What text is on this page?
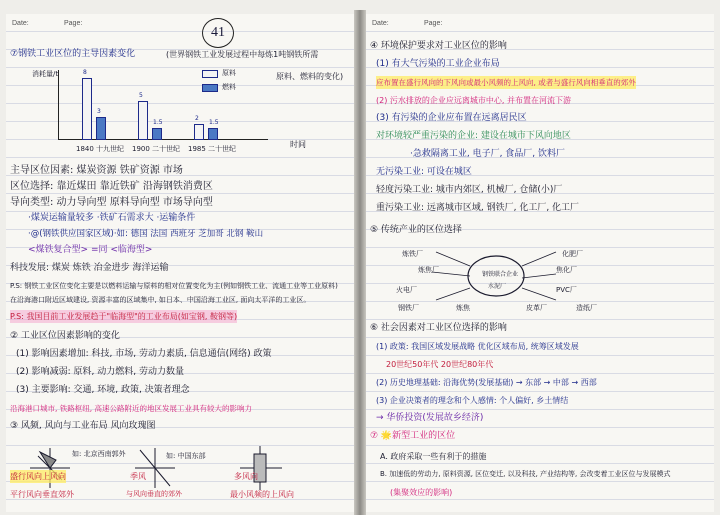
Date:	Page:
41
⑦钢铁工业区位的主导因素变化	(世界钢铁工业发展过程中每炼1吨钢铁所需
原料、燃料的变化)
8
3
5
1.5
2
1.5
消耗量/t
时间
1840 十九世纪 1900 二十世纪 1985 二十世纪
原料
燃料
主导区位因素: 煤炭资源 铁矿资源 市场
区位选择: 靠近煤田 靠近铁矿 沿海钢铁消费区
导向类型: 动力导向型 原料导向型 市场导向型
·煤炭运输量较多 ·铁矿石需求大 ·运输条件
·@(钢铁供应国家区域)·如: 德国 法国 西班牙 芝加哥 北钢 鞍山
<煤铁复合型> =同 <临海型>
科技发展: 煤炭 炼铁 冶金进步 海洋运输
P.S: 钢铁工业区位变化主要是以燃料运输与原料的相对位置变化为主(例如钢铁工业、流通工业等工业原料)
在沿海港口附近区域建设, 资源丰富的区域集中, 如日本、中国沿海工业区, 面向太平洋的工业区。
P.S: 我国目前工业发展趋于"临海型"的工业布局(如宝钢, 鞍钢等)
② 工业区位因素影响的变化
(1) 影响因素增加: 科技, 市场, 劳动力素质, 信息通信(网络) 政策
(2) 影响减弱: 原料, 动力燃料, 劳动力数量
(3) 主要影响: 交通, 环境, 政策, 决策者理念
沿海港口城市, 铁路枢纽, 高速公路附近的地区发展工业具有较大的影响力
③ 风频, 风向与工业布局 风向玫瑰图
如: 北京西南郭外
盛行风向上风向
平行风向垂直郊外
季风
与风向垂直的郊外
如: 中国东部
多风向
最小风频的上风向
Date:	Page:
④ 环境保护要求对工业区位的影响
(1) 有大气污染的工业企业布局
应布置在盛行风向的下风向或最小风频的上风向, 或者与盛行风向相垂直的郊外
(2) 污水排放的企业应远离城市中心, 并布置在河流下游
(3) 有污染的企业应布置在远离居民区
对环境较严重污染的企业: 建设在城市下风向地区
·急救隔离工业, 电子厂, 食品厂, 饮料厂
无污染工业: 可设在城区
轻度污染工业: 城市内郊区, 机械厂, 仓储(小)厂
重污染工业: 远离城市区域, 钢铁厂, 化工厂, 化工厂
⑤ 传统产业的区位选择
炼铁厂	化肥厂
炼焦厂	焦化厂
火电厂
钢铁联合企业
钢铁厂
水泥厂
炼焦
PVC厂
皮革厂	造纸厂
⑥ 社会因素对工业区位选择的影响
(1) 政策: 我国区域发展战略 优化区域布局, 统筹区域发展
20世纪50年代 20世纪80年代
(2) 历史地理基础: 沿海优势(发展基础) → 东部 → 中部 → 西部
(3) 企业决策者的理念和个人感情: 个人偏好, 乡土情结
→ 华侨投资(发展故乡经济)
⑦ 🌟新型工业的区位
A. 政府采取一些有利于的措施
B. 加速低的劳动力, 原料资源, 区位变迁, 以及科技, 产业结构等, 会改变着工业区位与发展模式
(集聚效应的影响)
